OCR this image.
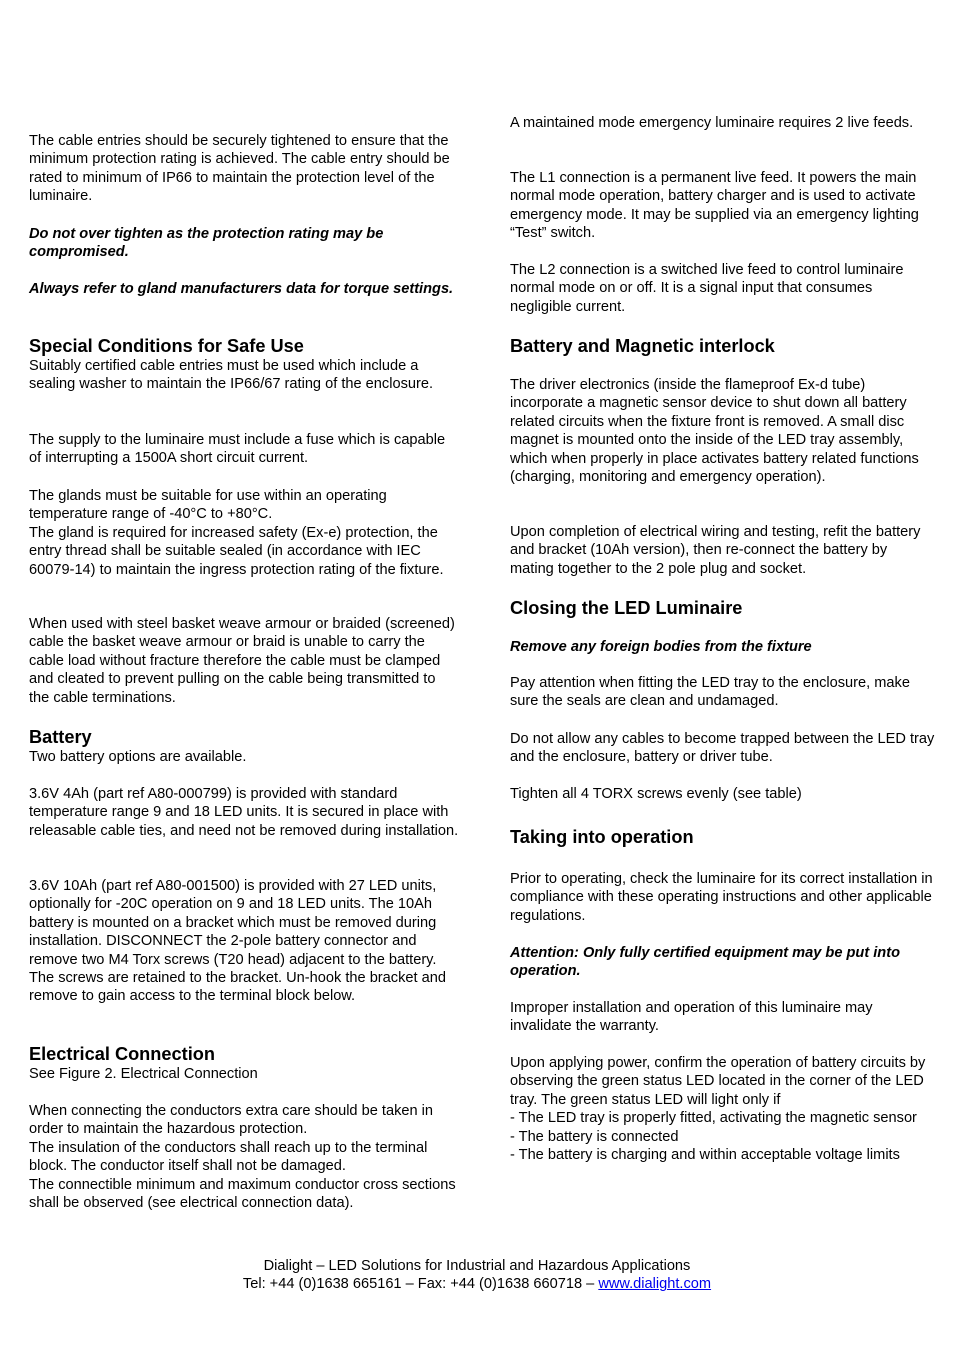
The cable entries should be securely tightened to ensure that the minimum protection rating is achieved. The cable entry should be rated to minimum of IP66 to maintain the protection level of the luminaire.

Do not over tighten as the protection rating may be compromised.

Always refer to gland manufacturers data for torque settings.

Special Conditions for Safe Use

Suitably certified cable entries must be used which include a sealing washer to maintain the IP66/67 rating of the enclosure.

The supply to the luminaire must include a fuse which is capable of interrupting a 1500A short circuit current.

The glands must be suitable for use within an operating temperature range of -40°C to +80°C.
The gland is required for increased safety (Ex-e) protection, the entry thread shall be suitable sealed (in accordance with IEC 60079-14) to maintain the ingress protection rating of the fixture.

When used with steel basket weave armour or braided (screened) cable the basket weave armour or braid is unable to carry the cable load without fracture therefore the cable must be clamped and cleated to prevent pulling on the cable being transmitted to the cable terminations.

Battery

Two battery options are available.

3.6V 4Ah (part ref A80-000799) is provided with standard temperature range 9 and 18 LED units. It is secured in place with releasable cable ties, and need not be removed during installation.

3.6V 10Ah (part ref A80-001500) is provided with 27 LED units, optionally for -20C operation on 9 and 18 LED units. The 10Ah battery is mounted on a bracket which must be removed during installation. DISCONNECT the 2-pole battery connector and remove two M4 Torx screws (T20 head) adjacent to the battery. The screws are retained to the bracket. Un-hook the bracket and remove to gain access to the terminal block below.

Electrical Connection

See Figure 2. Electrical Connection

When connecting the conductors extra care should be taken in order to maintain the hazardous protection.
The insulation of the conductors shall reach up to the terminal block. The conductor itself shall not be damaged.
The connectible minimum and maximum conductor cross sections shall be observed (see electrical connection data).

A maintained mode emergency luminaire requires 2 live feeds.

The L1 connection is a permanent live feed. It powers the main normal mode operation, battery charger and is used to activate emergency mode. It may be supplied via an emergency lighting “Test” switch.

The L2 connection is a switched live feed to control luminaire normal mode on or off. It is a signal input that consumes negligible current.

Battery and Magnetic interlock

The driver electronics (inside the flameproof Ex-d tube) incorporate a magnetic sensor device to shut down all battery related circuits when the fixture front is removed. A small disc magnet is mounted onto the inside of the LED tray assembly, which when properly in place activates battery related functions (charging, monitoring and emergency operation).

Upon completion of electrical wiring and testing, refit the battery and bracket (10Ah version), then re-connect the battery by mating together to the 2 pole plug and socket.

Closing the LED Luminaire

Remove any foreign bodies from the fixture

Pay attention when fitting the LED tray to the enclosure, make sure the seals are clean and undamaged.

Do not allow any cables to become trapped between the LED tray and the enclosure, battery or driver tube.

Tighten all 4 TORX screws evenly (see table)

Taking into operation

Prior to operating, check the luminaire for its correct installation in compliance with these operating instructions and other applicable regulations.

Attention: Only fully certified equipment may be put into operation.

Improper installation and operation of this luminaire may invalidate the warranty.

Upon applying power, confirm the operation of battery circuits by observing the green status LED located in the corner of the LED tray. The green status LED will light only if
- The LED tray is properly fitted, activating the magnetic sensor
- The battery is connected
- The battery is charging and within acceptable voltage limits

Dialight – LED Solutions for Industrial and Hazardous Applications
Tel: +44 (0)1638 665161 – Fax: +44 (0)1638 660718 – www.dialight.com
